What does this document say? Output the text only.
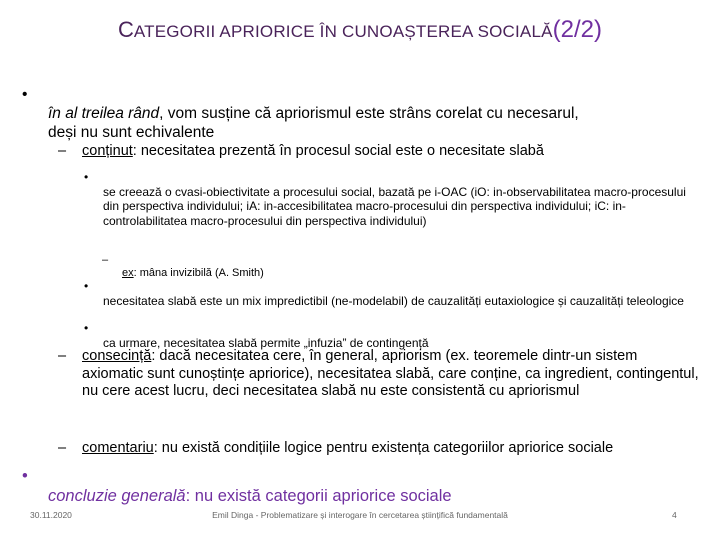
CATEGORII APRIORICE ÎN CUNOAȘTEREA SOCIALĂ(2/2)
•
în al treilea rând, vom susține că apriorismul este strâns corelat cu necesarul,
deși nu sunt echivalente
– conținut: necesitatea prezentă în procesul social este o necesitate slabă
•
se creează o cvasi-obiectivitate a procesului social, bazată pe i-OAC (iO: in-observabilitatea macro-procesului din perspectiva individului; iA: in-accesibilitatea macro-procesului din perspectiva individului; iC: in-controlabilitatea macro-procesului din perspectiva individului)
–
ex: mâna invizibilă (A. Smith)
•
necesitatea slabă este un mix impredictibil (ne-modelabil) de cauzalități eutaxiologice și cauzalități teleologice
•
ca urmare, necesitatea slabă permite „infuzia” de contingență
– consecință: dacă necesitatea cere, în general, apriorism (ex. teoremele dintr-un sistem axiomatic sunt cunoștințe apriorice), necesitatea slabă, care conține, ca ingredient, contingentul, nu cere acest lucru, deci necesitatea slabă nu este consistentă cu apriorismul
– comentariu: nu există condițiile logice pentru existența categoriilor apriorice sociale
•
concluzie generală: nu există categorii apriorice sociale
30.11.2020	Emil Dinga - Problematizare și interogare în cercetarea științifică fundamentală	4
